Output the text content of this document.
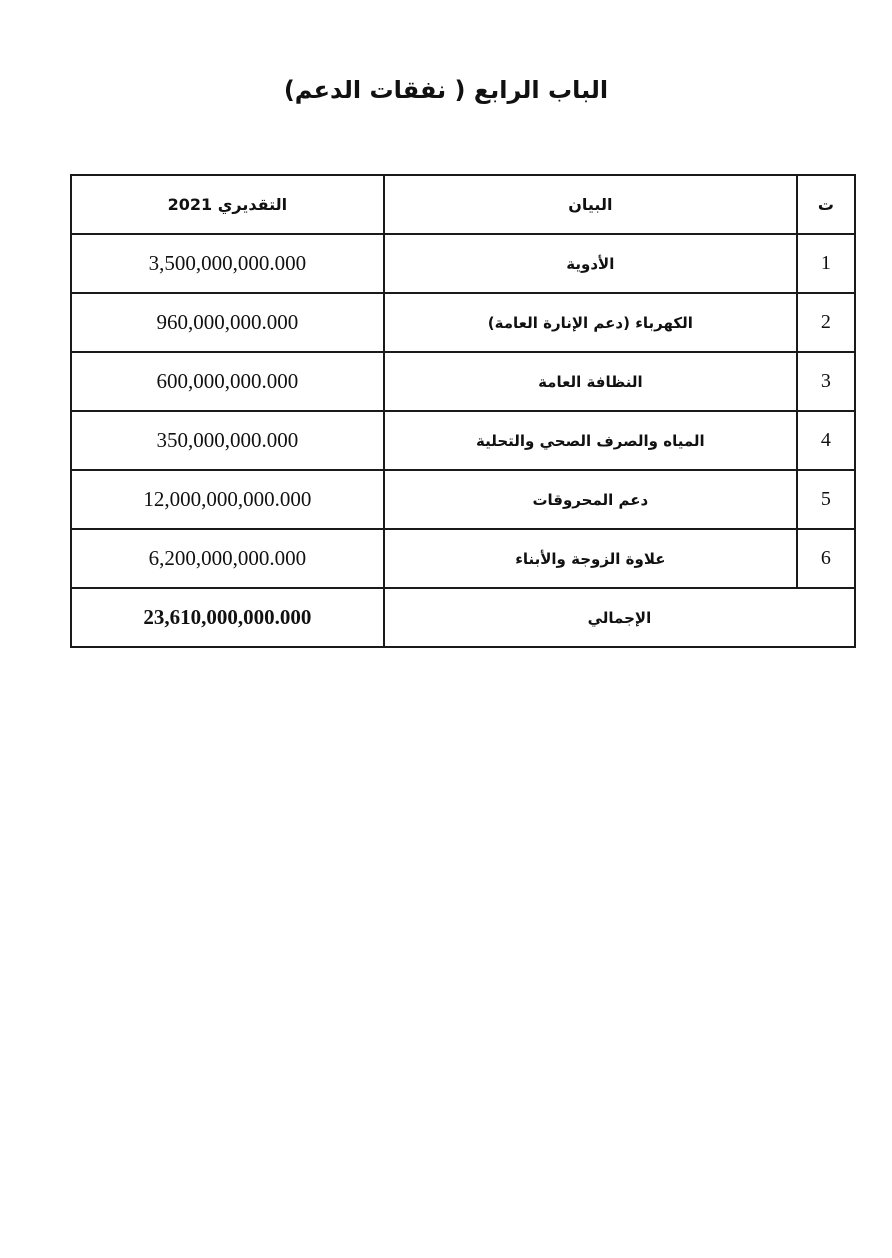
الباب الرابع ( نفقات الدعم)
ت	البيان	التقديري 2021
1	الأدوية	3,500,000,000.000
2	الكهرباء (دعم الإنارة العامة)	960,000,000.000
3	النظافة العامة	600,000,000.000
4	المياه والصرف الصحي والتحلية	350,000,000.000
5	دعم المحروقات	12,000,000,000.000
6	علاوة الزوجة والأبناء	6,200,000,000.000
الإجمالي		23,610,000,000.000
